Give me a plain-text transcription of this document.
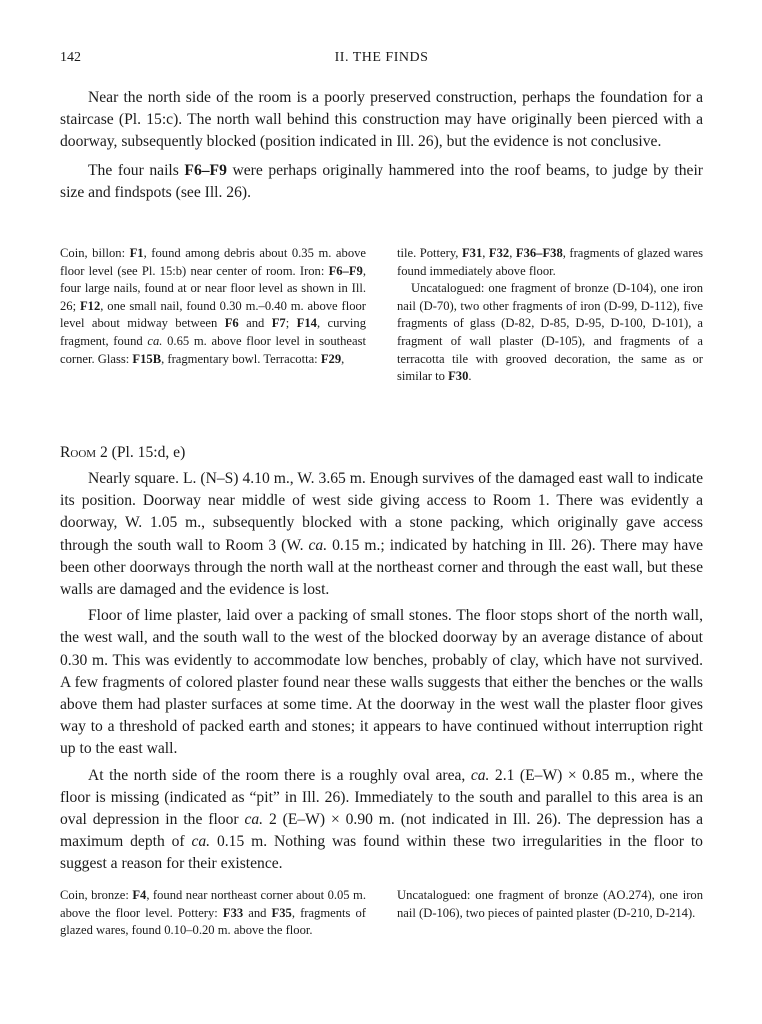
142	II. THE FINDS

Near the north side of the room is a poorly preserved construction, perhaps the foundation for a staircase (Pl. 15:c). The north wall behind this construction may have originally been pierced with a doorway, subsequently blocked (position indicated in Ill. 26), but the evidence is not conclusive.

The four nails F6–F9 were perhaps originally hammered into the roof beams, to judge by their size and findspots (see Ill. 26).

Coin, billon: F1, found among debris about 0.35 m. above floor level (see Pl. 15:b) near center of room. Iron: F6–F9, four large nails, found at or near floor level as shown in Ill. 26; F12, one small nail, found 0.30 m.–0.40 m. above floor level about midway between F6 and F7; F14, curving fragment, found ca. 0.65 m. above floor level in southeast corner. Glass: F15B, fragmentary bowl. Terracotta: F29,

tile. Pottery, F31, F32, F36–F38, fragments of glazed wares found immediately above floor.

Uncatalogued: one fragment of bronze (D-104), one iron nail (D-70), two other fragments of iron (D-99, D-112), five fragments of glass (D-82, D-85, D-95, D-100, D-101), a fragment of wall plaster (D-105), and fragments of a terracotta tile with grooved decoration, the same as or similar to F30.

Room 2 (Pl. 15:d, e)

Nearly square. L. (N–S) 4.10 m., W. 3.65 m. Enough survives of the damaged east wall to indicate its position. Doorway near middle of west side giving access to Room 1. There was evidently a doorway, W. 1.05 m., subsequently blocked with a stone packing, which originally gave access through the south wall to Room 3 (W. ca. 0.15 m.; indicated by hatching in Ill. 26). There may have been other doorways through the north wall at the northeast corner and through the east wall, but these walls are damaged and the evidence is lost.

Floor of lime plaster, laid over a packing of small stones. The floor stops short of the north wall, the west wall, and the south wall to the west of the blocked doorway by an average distance of about 0.30 m. This was evidently to accommodate low benches, probably of clay, which have not survived. A few fragments of colored plaster found near these walls suggests that either the benches or the walls above them had plaster surfaces at some time. At the doorway in the west wall the plaster floor gives way to a threshold of packed earth and stones; it appears to have continued without interruption right up to the east wall.

At the north side of the room there is a roughly oval area, ca. 2.1 (E–W) × 0.85 m., where the floor is missing (indicated as “pit” in Ill. 26). Immediately to the south and parallel to this area is an oval depression in the floor ca. 2 (E–W) × 0.90 m. (not indicated in Ill. 26). The depression has a maximum depth of ca. 0.15 m. Nothing was found within these two irregularities in the floor to suggest a reason for their existence.

Coin, bronze: F4, found near northeast corner about 0.05 m. above the floor level. Pottery: F33 and F35, fragments of glazed wares, found 0.10–0.20 m. above the floor.

Uncatalogued: one fragment of bronze (AO.274), one iron nail (D-106), two pieces of painted plaster (D-210, D-214).
